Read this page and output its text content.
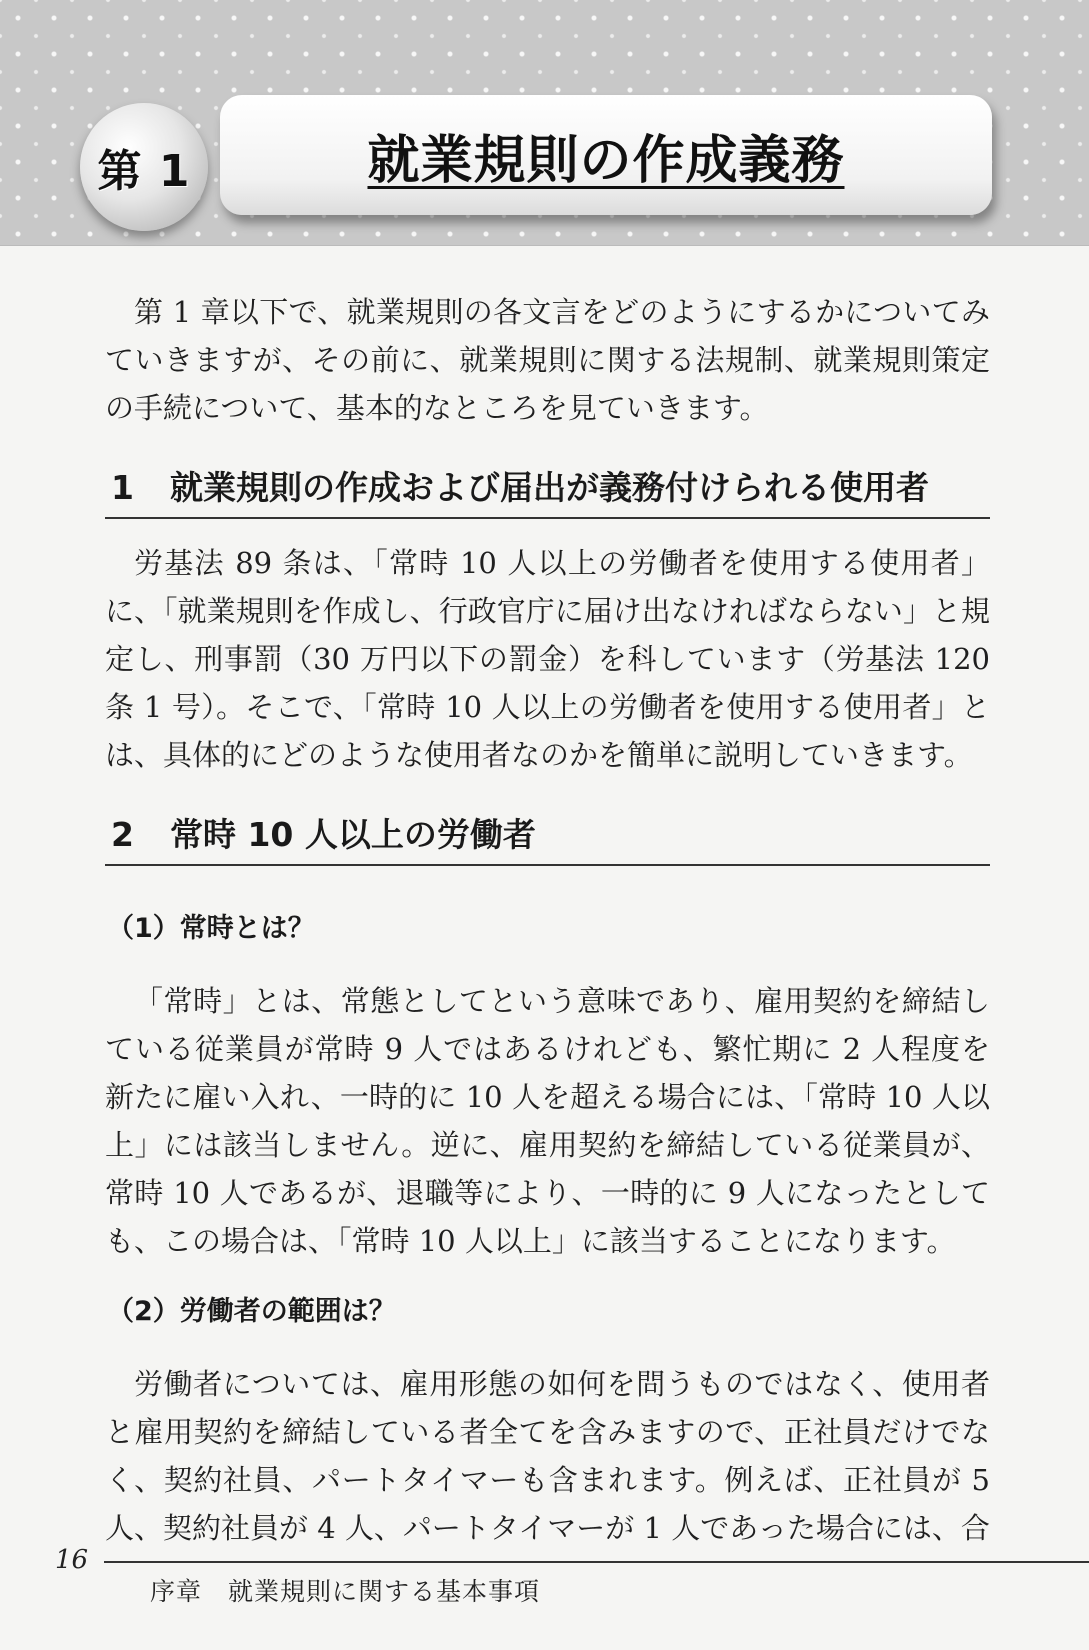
第 1	就業規則の作成義務

第 1 章以下で、就業規則の各文言をどのようにするかについてみていきますが、その前に、就業規則に関する法規制、就業規則策定の手続について、基本的なところを見ていきます。

1 就業規則の作成および届出が義務付けられる使用者

労基法 89 条は、「常時 10 人以上の労働者を使用する使用者」に、「就業規則を作成し、行政官庁に届け出なければならない」と規定し、刑事罰（30 万円以下の罰金）を科しています（労基法 120 条 1 号）。そこで、「常時 10 人以上の労働者を使用する使用者」とは、具体的にどのような使用者なのかを簡単に説明していきます。

2 常時 10 人以上の労働者
（1）常時とは？

「常時」とは、常態としてという意味であり、雇用契約を締結している従業員が常時 9 人ではあるけれども、繁忙期に 2 人程度を新たに雇い入れ、一時的に 10 人を超える場合には、「常時 10 人以上」には該当しません。逆に、雇用契約を締結している従業員が、常時 10 人であるが、退職等により、一時的に 9 人になったとしても、この場合は、「常時 10 人以上」に該当することになります。

（2）労働者の範囲は？

労働者については、雇用形態の如何を問うものではなく、使用者と雇用契約を締結している者全てを含みますので、正社員だけでなく、契約社員、パートタイマーも含まれます。例えば、正社員が 5 人、契約社員が 4 人、パートタイマーが 1 人であった場合には、合

16
序章　就業規則に関する基本事項
